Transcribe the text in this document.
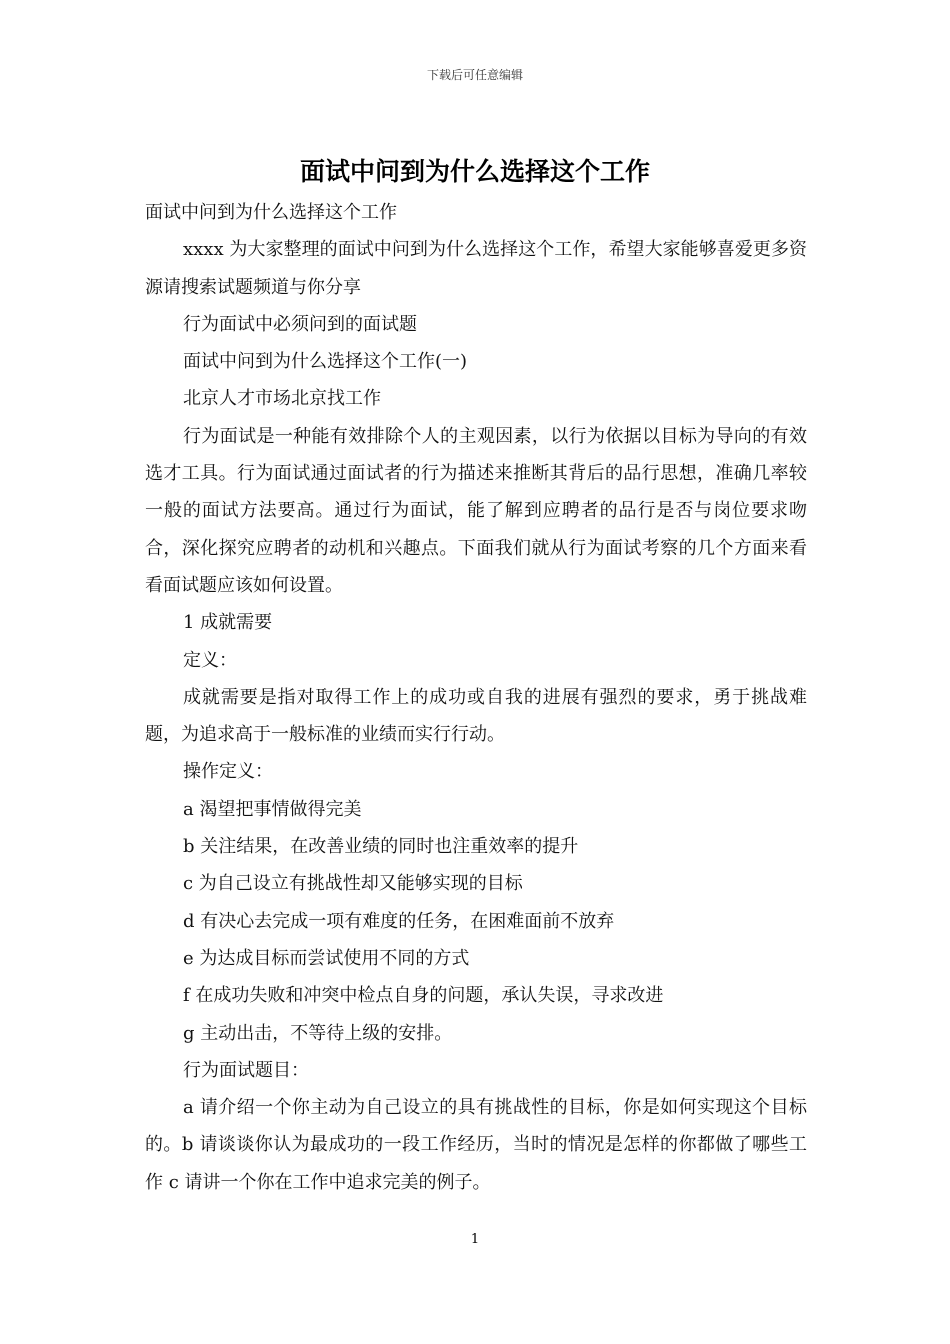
下载后可任意编辑
面试中问到为什么选择这个工作

面试中问到为什么选择这个工作

xxxx 为大家整理的面试中问到为什么选择这个工作，希望大家能够喜爱更多资源请搜索试题频道与你分享

行为面试中必须问到的面试题

面试中问到为什么选择这个工作(一)

北京人才市场北京找工作

行为面试是一种能有效排除个人的主观因素，以行为依据以目标为导向的有效选才工具。行为面试通过面试者的行为描述来推断其背后的品行思想，准确几率较一般的面试方法要高。通过行为面试，能了解到应聘者的品行是否与岗位要求吻合，深化探究应聘者的动机和兴趣点。下面我们就从行为面试考察的几个方面来看看面试题应该如何设置。

1 成就需要

定义：

成就需要是指对取得工作上的成功或自我的进展有强烈的要求，勇于挑战难题，为追求高于一般标准的业绩而实行行动。

操作定义：

a 渴望把事情做得完美

b 关注结果，在改善业绩的同时也注重效率的提升

c 为自己设立有挑战性却又能够实现的目标

d 有决心去完成一项有难度的任务，在困难面前不放弃

e 为达成目标而尝试使用不同的方式

f 在成功失败和冲突中检点自身的问题，承认失误，寻求改进

g 主动出击，不等待上级的安排。

行为面试题目：

a 请介绍一个你主动为自己设立的具有挑战性的目标，你是如何实现这个目标的。b 请谈谈你认为最成功的一段工作经历，当时的情况是怎样的你都做了哪些工作 c 请讲一个你在工作中追求完美的例子。

1
